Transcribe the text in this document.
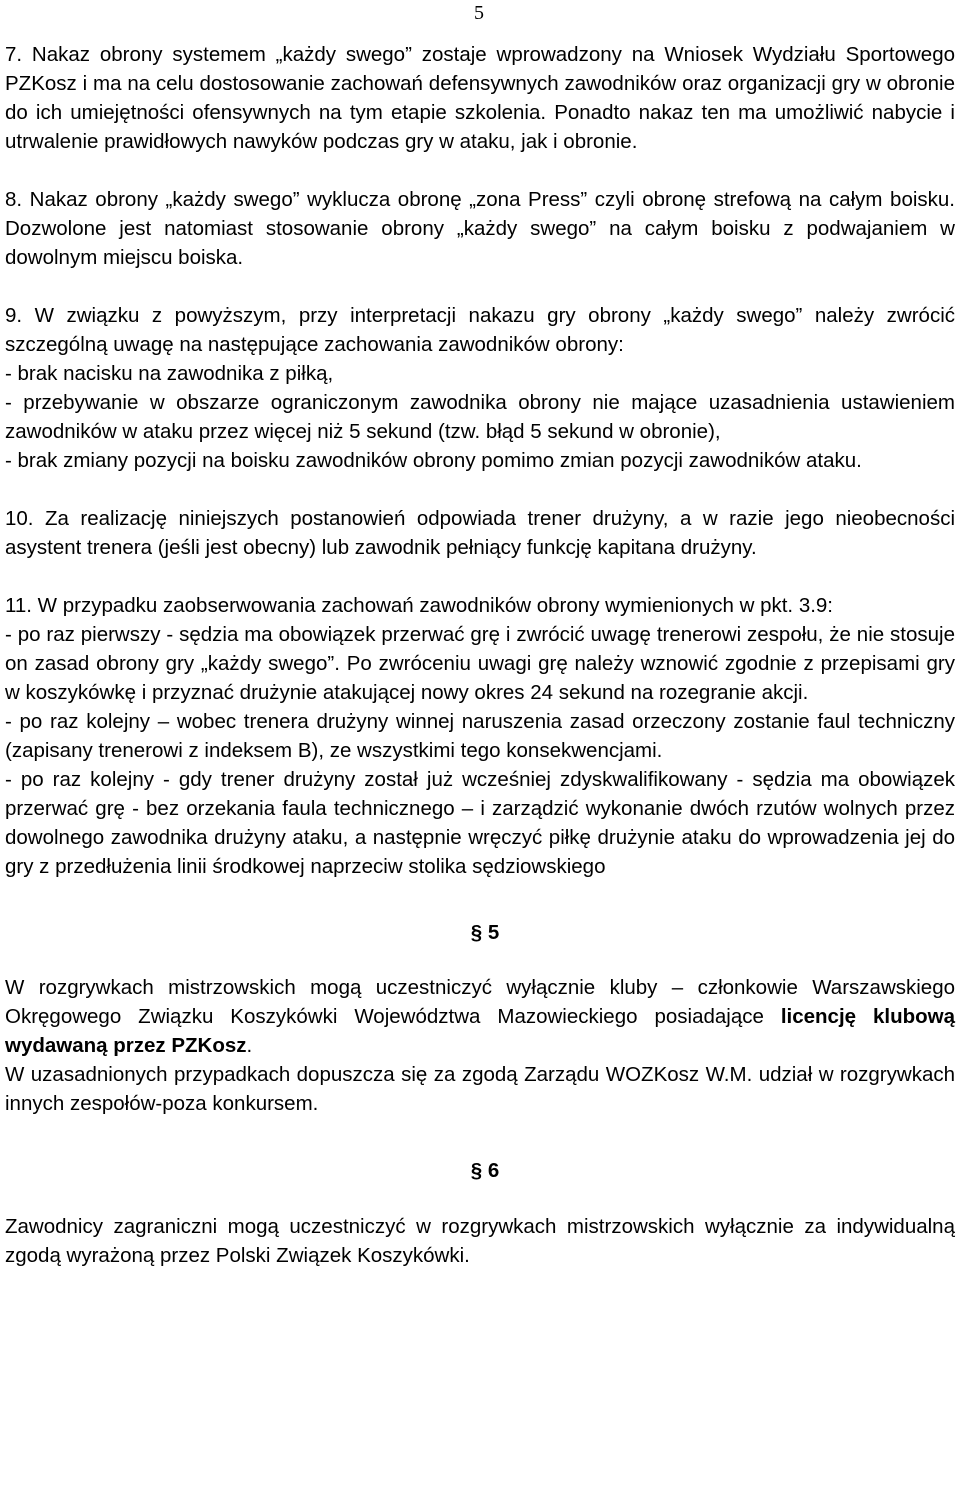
5

7. Nakaz obrony systemem „każdy swego” zostaje wprowadzony na Wniosek Wydziału Sportowego PZKosz i ma na celu dostosowanie zachowań defensywnych zawodników oraz organizacji gry w obronie do ich umiejętności ofensywnych na tym etapie szkolenia. Ponadto nakaz ten ma umożliwić nabycie i utrwalenie prawidłowych nawyków podczas gry w ataku, jak i obronie.

8. Nakaz obrony „każdy swego” wyklucza obronę „zona Press” czyli obronę strefową na całym boisku. Dozwolone jest natomiast stosowanie obrony „każdy swego” na całym boisku z podwajaniem w dowolnym miejscu boiska.

9. W związku z powyższym, przy interpretacji nakazu gry obrony „każdy swego” należy zwrócić szczególną uwagę na następujące zachowania zawodników obrony:

- brak nacisku na zawodnika z piłką,

- przebywanie w obszarze ograniczonym zawodnika obrony nie mające uzasadnienia ustawieniem zawodników w ataku przez więcej niż 5 sekund (tzw. błąd 5 sekund w obronie),

- brak zmiany pozycji na boisku zawodników obrony pomimo zmian pozycji zawodników ataku.

10. Za realizację niniejszych postanowień odpowiada trener drużyny, a w razie jego nieobecności asystent trenera (jeśli jest obecny) lub zawodnik pełniący funkcję kapitana drużyny.

11. W przypadku zaobserwowania zachowań zawodników obrony wymienionych w pkt. 3.9:

- po raz pierwszy - sędzia ma obowiązek przerwać grę i zwrócić uwagę trenerowi zespołu, że nie stosuje on zasad obrony gry „każdy swego”. Po zwróceniu uwagi grę należy wznowić zgodnie z przepisami gry w koszykówkę i przyznać drużynie atakującej nowy okres 24 sekund na rozegranie akcji.

- po raz kolejny – wobec trenera drużyny winnej naruszenia zasad orzeczony zostanie faul techniczny (zapisany trenerowi z indeksem B), ze wszystkimi tego konsekwencjami.

- po raz kolejny - gdy trener drużyny został już wcześniej zdyskwalifikowany - sędzia ma obowiązek przerwać grę - bez orzekania faula technicznego – i zarządzić wykonanie dwóch rzutów wolnych przez dowolnego zawodnika drużyny ataku, a następnie wręczyć piłkę drużynie ataku do wprowadzenia jej do gry z przedłużenia linii środkowej naprzeciw stolika sędziowskiego

§ 5

W rozgrywkach mistrzowskich mogą uczestniczyć wyłącznie kluby – członkowie Warszawskiego Okręgowego Związku Koszykówki Województwa Mazowieckiego posiadające licencję klubową wydawaną przez PZKosz.

W uzasadnionych przypadkach dopuszcza się za zgodą Zarządu WOZKosz W.M. udział w rozgrywkach innych zespołów-poza konkursem.

§ 6

Zawodnicy zagraniczni mogą uczestniczyć w rozgrywkach mistrzowskich wyłącznie za indywidualną zgodą wyrażoną przez Polski Związek Koszykówki.
